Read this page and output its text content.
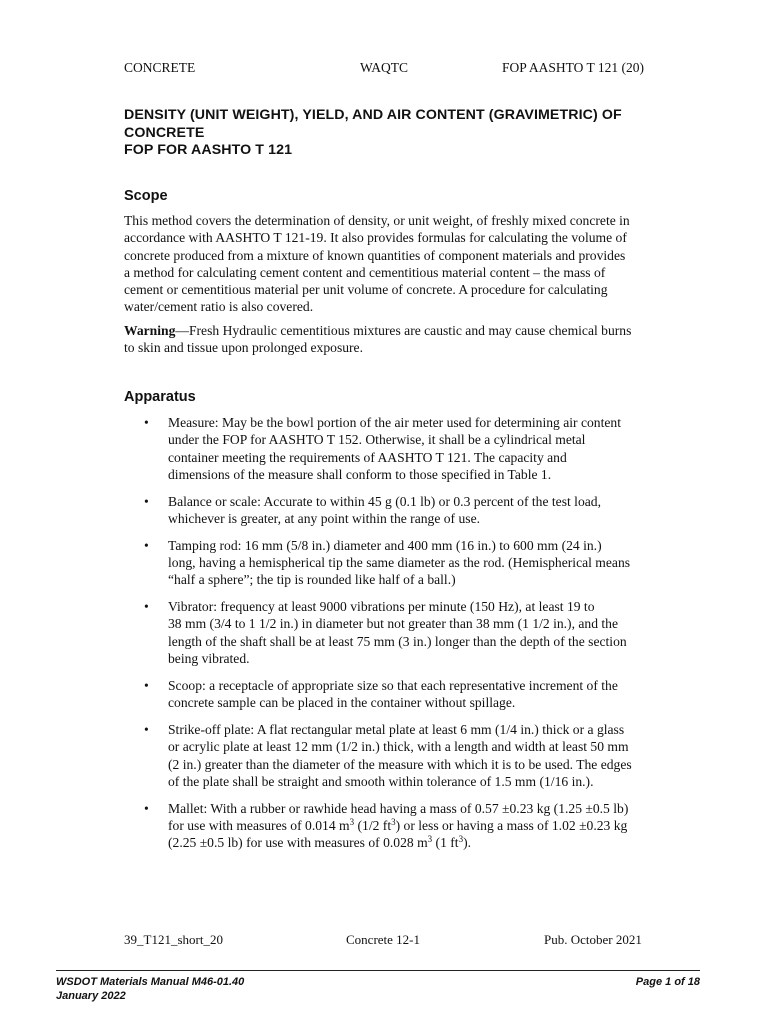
CONCRETE	WAQTC	FOP AASHTO T 121 (20)
DENSITY (UNIT WEIGHT), YIELD, AND AIR CONTENT (GRAVIMETRIC) OF
CONCRETE
FOP FOR AASHTO T 121
Scope
This method covers the determination of density, or unit weight, of freshly mixed concrete in
accordance with AASHTO T 121-19. It also provides formulas for calculating the volume of
concrete produced from a mixture of known quantities of component materials and provides
a method for calculating cement content and cementitious material content – the mass of
cement or cementitious material per unit volume of concrete. A procedure for calculating
water/cement ratio is also covered.
Warning—Fresh Hydraulic cementitious mixtures are caustic and may cause chemical burns
to skin and tissue upon prolonged exposure.
Apparatus
• Measure: May be the bowl portion of the air meter used for determining air content
under the FOP for AASHTO T 152. Otherwise, it shall be a cylindrical metal
container meeting the requirements of AASHTO T 121. The capacity and
dimensions of the measure shall conform to those specified in Table 1.
• Balance or scale: Accurate to within 45 g (0.1 lb) or 0.3 percent of the test load,
whichever is greater, at any point within the range of use.
• Tamping rod: 16 mm (5/8 in.) diameter and 400 mm (16 in.) to 600 mm (24 in.)
long, having a hemispherical tip the same diameter as the rod. (Hemispherical means
“half a sphere”; the tip is rounded like half of a ball.)
• Vibrator: frequency at least 9000 vibrations per minute (150 Hz), at least 19 to
38 mm (3/4 to 1 1/2 in.) in diameter but not greater than 38 mm (1 1/2 in.), and the
length of the shaft shall be at least 75 mm (3 in.) longer than the depth of the section
being vibrated.
• Scoop: a receptacle of appropriate size so that each representative increment of the
concrete sample can be placed in the container without spillage.
• Strike-off plate: A flat rectangular metal plate at least 6 mm (1/4 in.) thick or a glass
or acrylic plate at least 12 mm (1/2 in.) thick, with a length and width at least 50 mm
(2 in.) greater than the diameter of the measure with which it is to be used. The edges
of the plate shall be straight and smooth within tolerance of 1.5 mm (1/16 in.).
• Mallet: With a rubber or rawhide head having a mass of 0.57 ±0.23 kg (1.25 ±0.5 lb)
for use with measures of 0.014 $m^3$ (1/2 $ft^3$) or less or having a mass of 1.02 ±0.23 kg
(2.25 ±0.5 lb) for use with measures of 0.028 $m^3$ (1 $ft^3$).
39_T121_short_20	Concrete 12-1	Pub. October 2021
WSDOT Materials Manual M46-01.40
January 2022
Page 1 of 18
